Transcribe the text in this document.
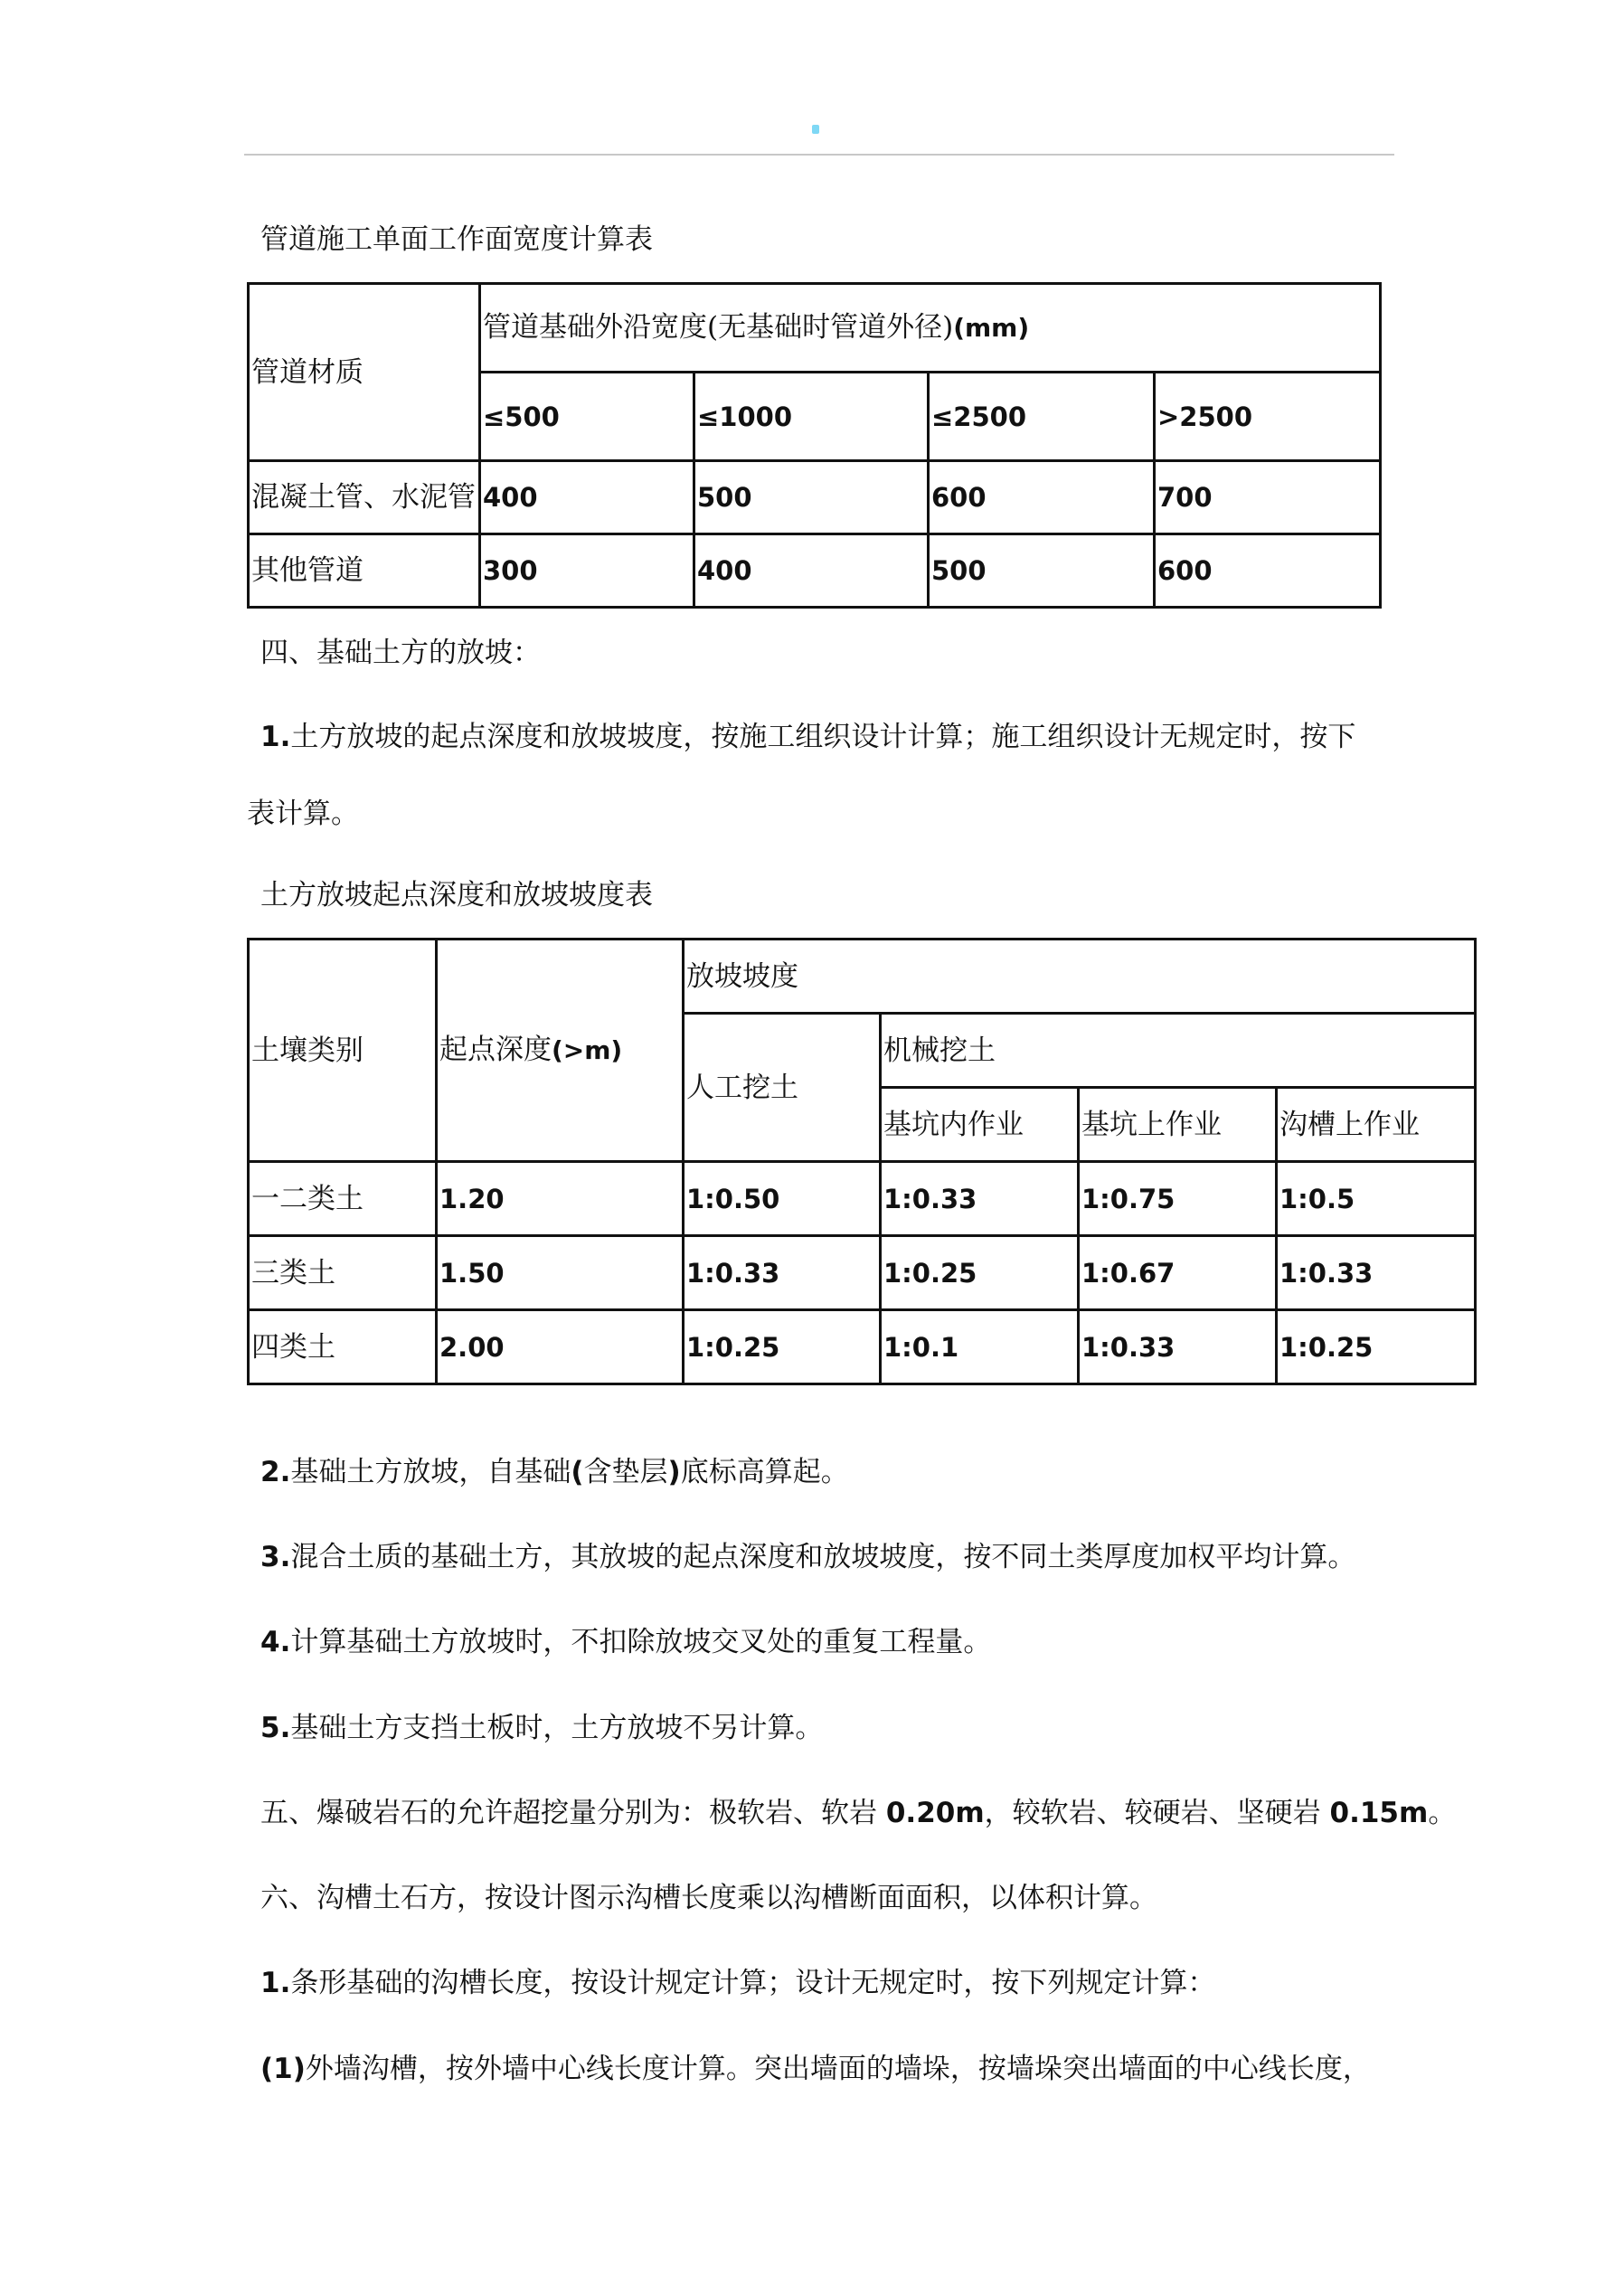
管道施工单面工作面宽度计算表
管道材质	管道基础外沿宽度(无基础时管道外径)(mm)			
	≤500	≤1000	≤2500	>2500
混凝土管、水泥管	400	500	600	700
其他管道	300	400	500	600
四、基础土方的放坡：
1.土方放坡的起点深度和放坡坡度，按施工组织设计计算；施工组织设计无规定时，按下
表计算。
土方放坡起点深度和放坡坡度表
土壤类别	起点深度(>m)	放坡坡度			
		人工挖土	机械挖土		
			基坑内作业	基坑上作业	沟槽上作业
一二类土	1.20	1:0.50	1:0.33	1:0.75	1:0.5
三类土	1.50	1:0.33	1:0.25	1:0.67	1:0.33
四类土	2.00	1:0.25	1:0.1	1:0.33	1:0.25
2.基础土方放坡，自基础(含垫层)底标高算起。
3.混合土质的基础土方，其放坡的起点深度和放坡坡度，按不同土类厚度加权平均计算。
4.计算基础土方放坡时，不扣除放坡交叉处的重复工程量。
5.基础土方支挡土板时，土方放坡不另计算。
五、爆破岩石的允许超挖量分别为：极软岩、软岩 0.20m，较软岩、较硬岩、坚硬岩 0.15m。
六、沟槽土石方，按设计图示沟槽长度乘以沟槽断面面积，以体积计算。
1.条形基础的沟槽长度，按设计规定计算；设计无规定时，按下列规定计算：
(1)外墙沟槽，按外墙中心线长度计算。突出墙面的墙垛，按墙垛突出墙面的中心线长度，
